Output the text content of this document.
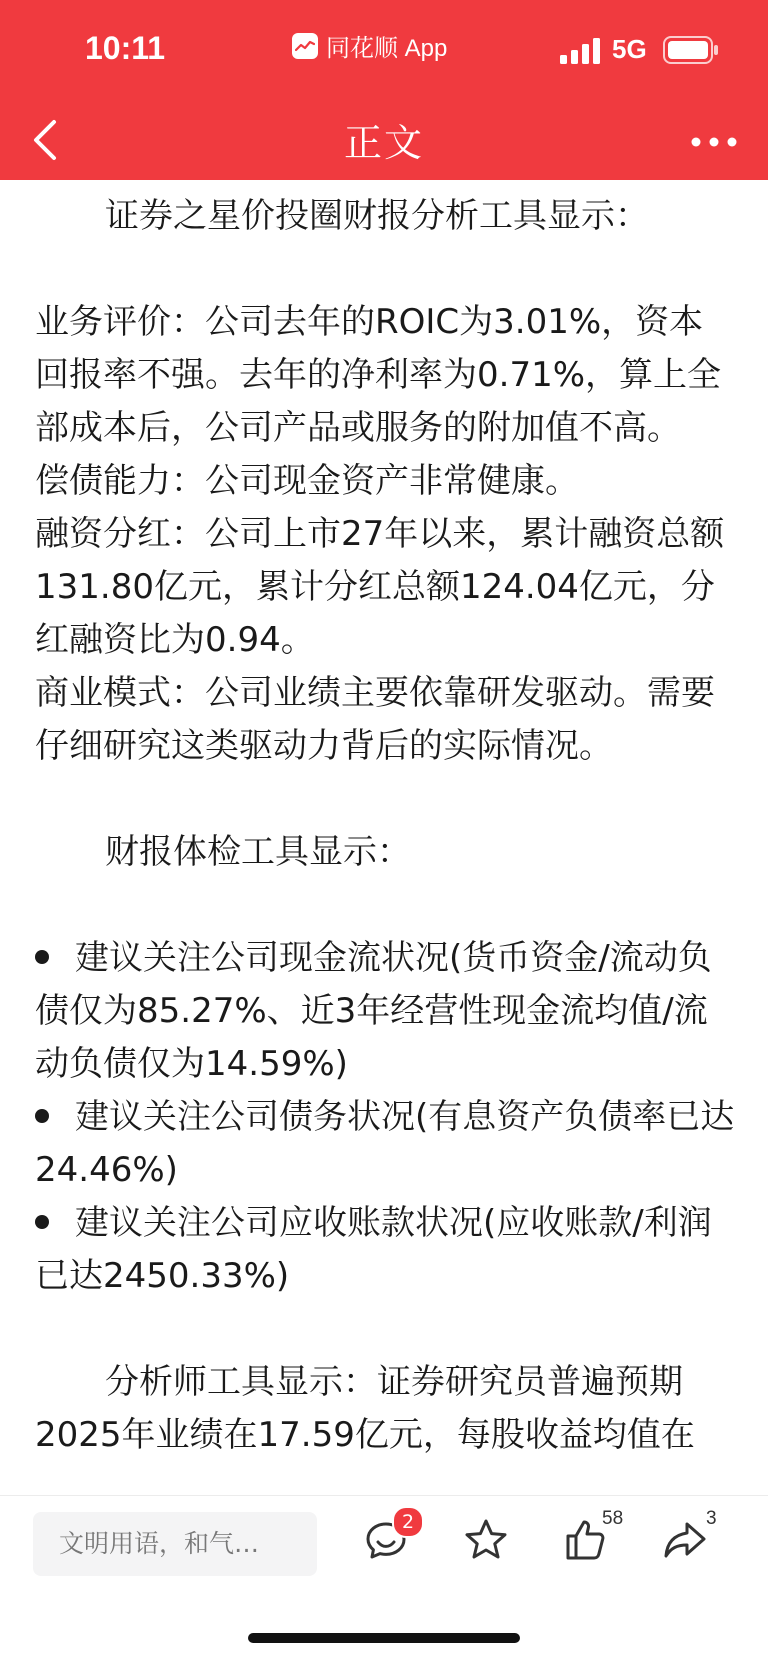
10:11	同花顺 App	5G
正文

证券之星价投圈财报分析工具显示：

业务评价：公司去年的ROIC为3.01%，资本回报率不强。去年的净利率为0.71%，算上全部成本后，公司产品或服务的附加值不高。

偿债能力：公司现金资产非常健康。

融资分红：公司上市27年以来，累计融资总额131.80亿元，累计分红总额124.04亿元，分红融资比为0.94。

商业模式：公司业绩主要依靠研发驱动。需要仔细研究这类驱动力背后的实际情况。

财报体检工具显示：

建议关注公司现金流状况(货币资金/流动负债仅为85.27%、近3年经营性现金流均值/流动负债仅为14.59%)

建议关注公司债务状况(有息资产负债率已达24.46%)

建议关注公司应收账款状况(应收账款/利润已达2450.33%)

分析师工具显示：证券研究员普遍预期2025年业绩在17.59亿元，每股收益均值在

文明用语，和气…
2	58	3
